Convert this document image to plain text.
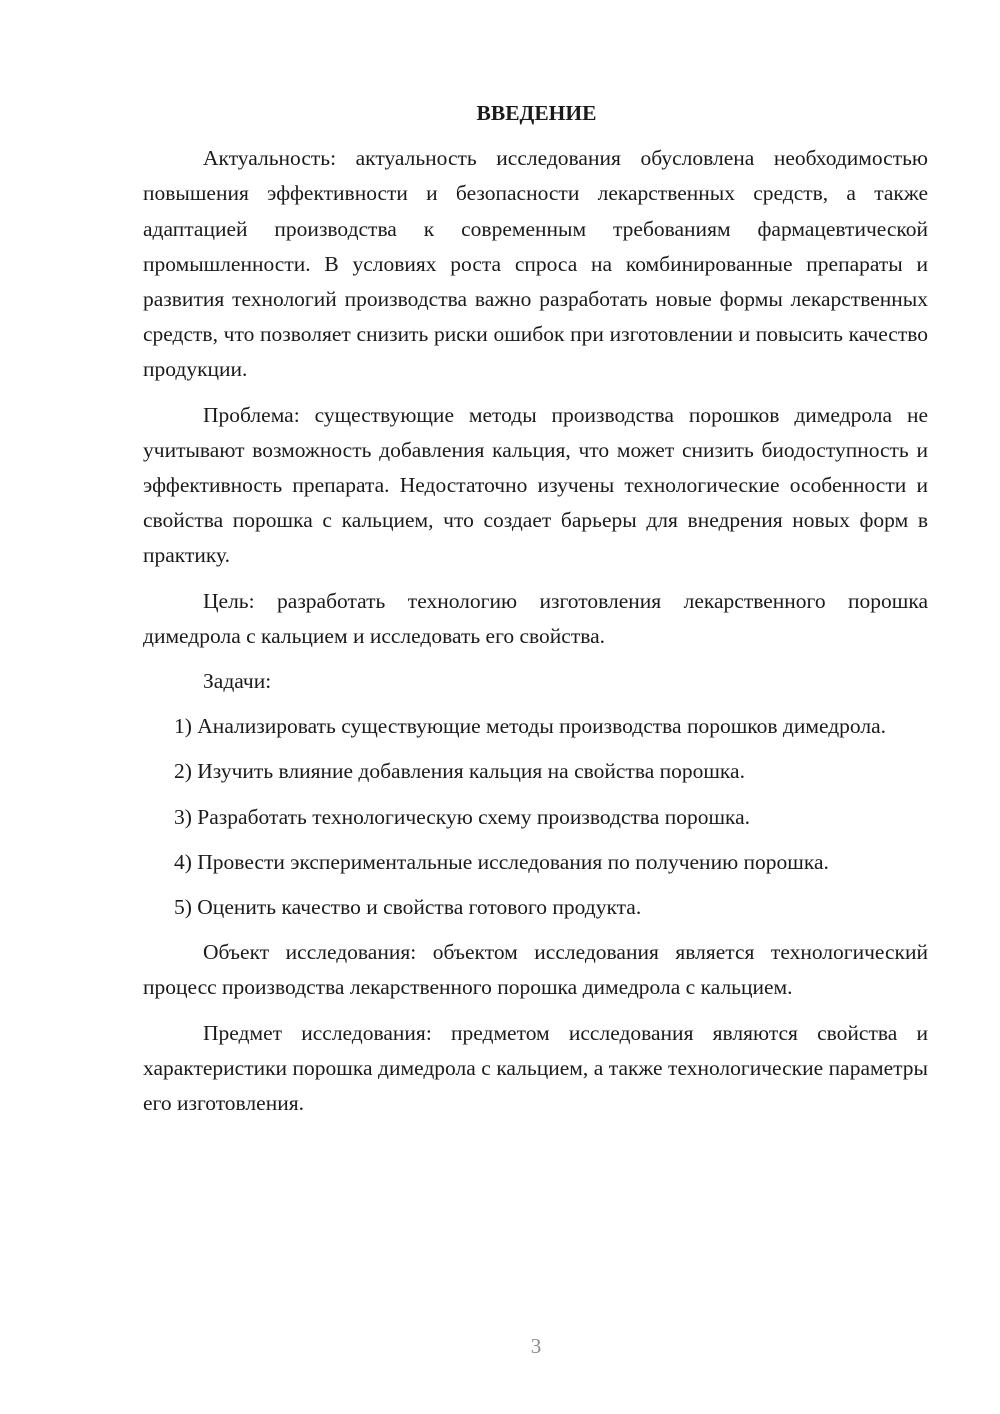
ВВЕДЕНИЕ

Актуальность: актуальность исследования обусловлена необходимостью повышения эффективности и безопасности лекарственных средств, а также адаптацией производства к современным требованиям фармацевтической промышленности. В условиях роста спроса на комбинированные препараты и развития технологий производства важно разработать новые формы лекарственных средств, что позволяет снизить риски ошибок при изготовлении и повысить качество продукции.

Проблема: существующие методы производства порошков димедрола не учитывают возможность добавления кальция, что может снизить биодоступность и эффективность препарата. Недостаточно изучены технологические особенности и свойства порошка с кальцием, что создает барьеры для внедрения новых форм в практику.

Цель: разработать технологию изготовления лекарственного порошка димедрола с кальцием и исследовать его свойства.

Задачи:

1) Анализировать существующие методы производства порошков димедрола.

2) Изучить влияние добавления кальция на свойства порошка.

3) Разработать технологическую схему производства порошка.

4) Провести экспериментальные исследования по получению порошка.

5) Оценить качество и свойства готового продукта.

Объект исследования: объектом исследования является технологический процесс производства лекарственного порошка димедрола с кальцием.

Предмет исследования: предметом исследования являются свойства и характеристики порошка димедрола с кальцием, а также технологические параметры его изготовления.

3
